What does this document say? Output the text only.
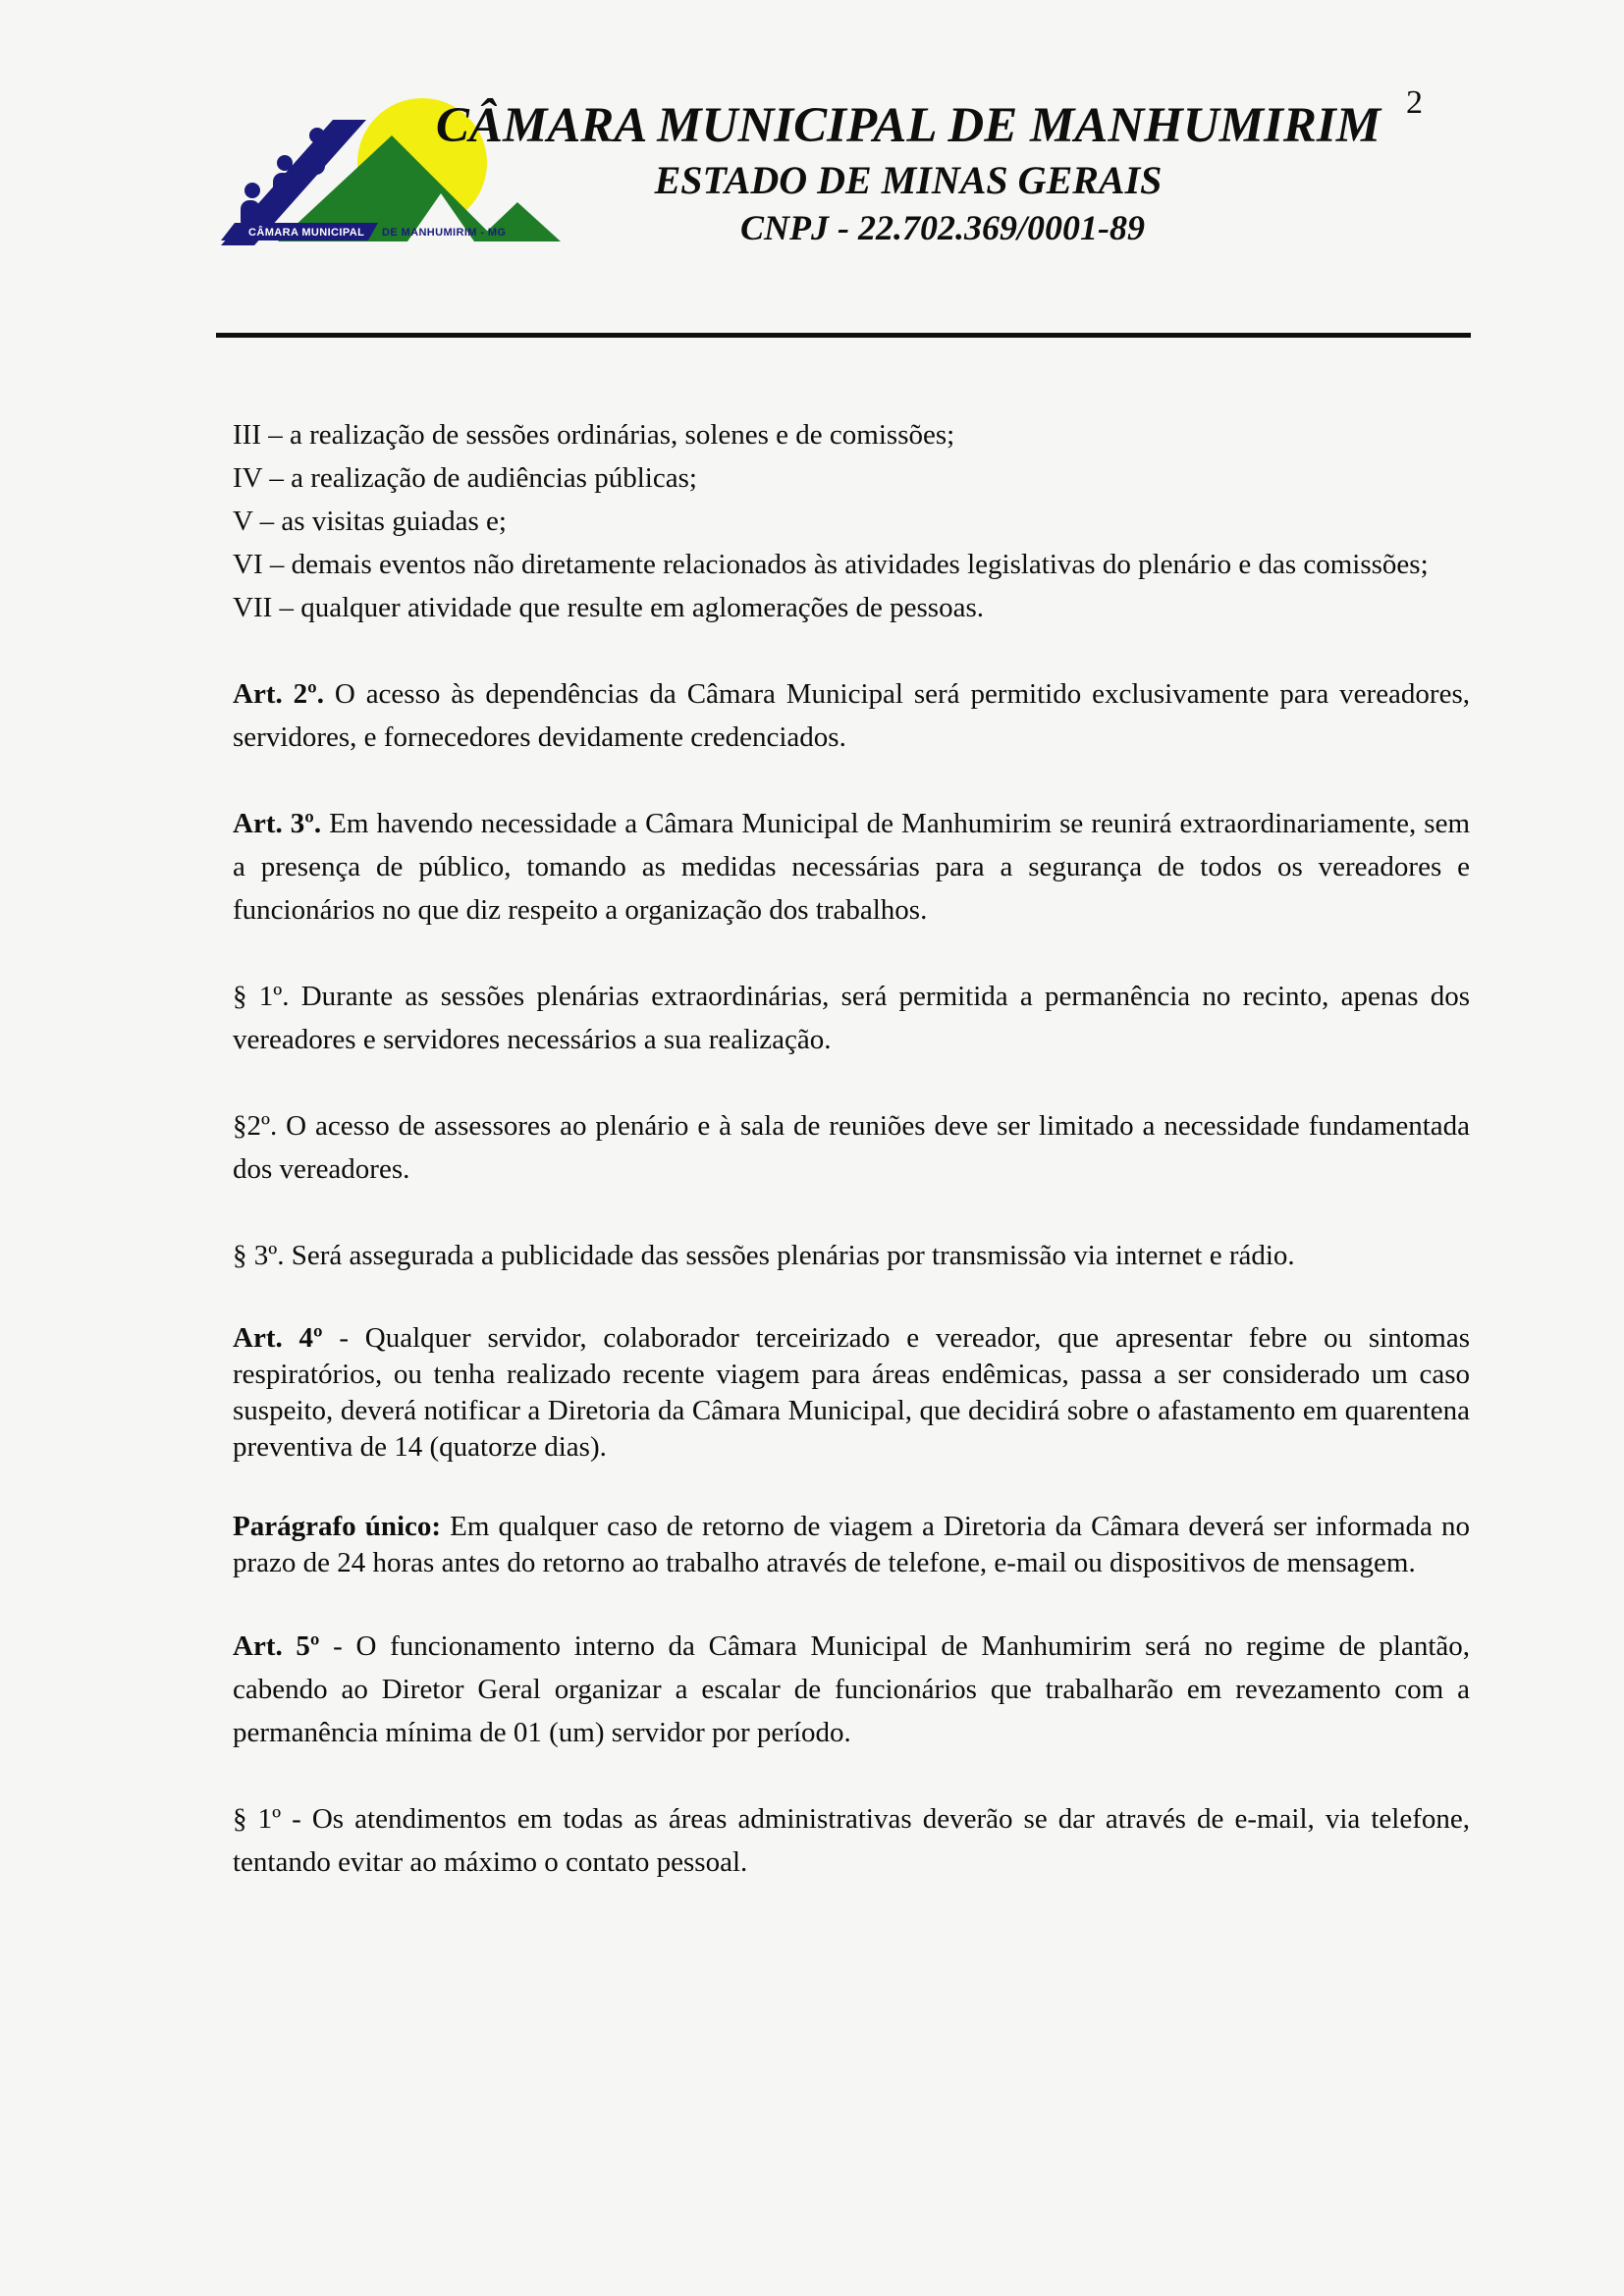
CÂMARA MUNICIPAL DE MANHUMIRIM - MG
CÂMARA MUNICIPAL DE MANHUMIRIM
ESTADO DE MINAS GERAIS
CNPJ - 22.702.369/0001-89
2

III – a realização de sessões ordinárias, solenes e de comissões;

IV – a realização de audiências públicas;

V – as visitas guiadas e;

VI – demais eventos não diretamente relacionados às atividades legislativas do plenário e das comissões;

VII – qualquer atividade que resulte em aglomerações de pessoas.

Art. 2º. O acesso às dependências da Câmara Municipal será permitido exclusivamente para vereadores, servidores, e fornecedores devidamente credenciados.

Art. 3º. Em havendo necessidade a Câmara Municipal de Manhumirim se reunirá extraordinariamente, sem a presença de público, tomando as medidas necessárias para a segurança de todos os vereadores e funcionários no que diz respeito a organização dos trabalhos.

§ 1º. Durante as sessões plenárias extraordinárias, será permitida a permanência no recinto, apenas dos vereadores e servidores necessários a sua realização.

§2º. O acesso de assessores ao plenário e à sala de reuniões deve ser limitado a necessidade fundamentada dos vereadores.

§ 3º. Será assegurada a publicidade das sessões plenárias por transmissão via internet e rádio.

Art. 4º - Qualquer servidor, colaborador terceirizado e vereador, que apresentar febre ou sintomas respiratórios, ou tenha realizado recente viagem para áreas endêmicas, passa a ser considerado um caso suspeito, deverá notificar a Diretoria da Câmara Municipal, que decidirá sobre o afastamento em quarentena preventiva de 14 (quatorze dias).

Parágrafo único: Em qualquer caso de retorno de viagem a Diretoria da Câmara deverá ser informada no prazo de 24 horas antes do retorno ao trabalho através de telefone, e-mail ou dispositivos de mensagem.

Art. 5º - O funcionamento interno da Câmara Municipal de Manhumirim será no regime de plantão, cabendo ao Diretor Geral organizar a escalar de funcionários que trabalharão em revezamento com a permanência mínima de 01 (um) servidor por período.

§ 1º - Os atendimentos em todas as áreas administrativas deverão se dar através de e-mail, via telefone, tentando evitar ao máximo o contato pessoal.
